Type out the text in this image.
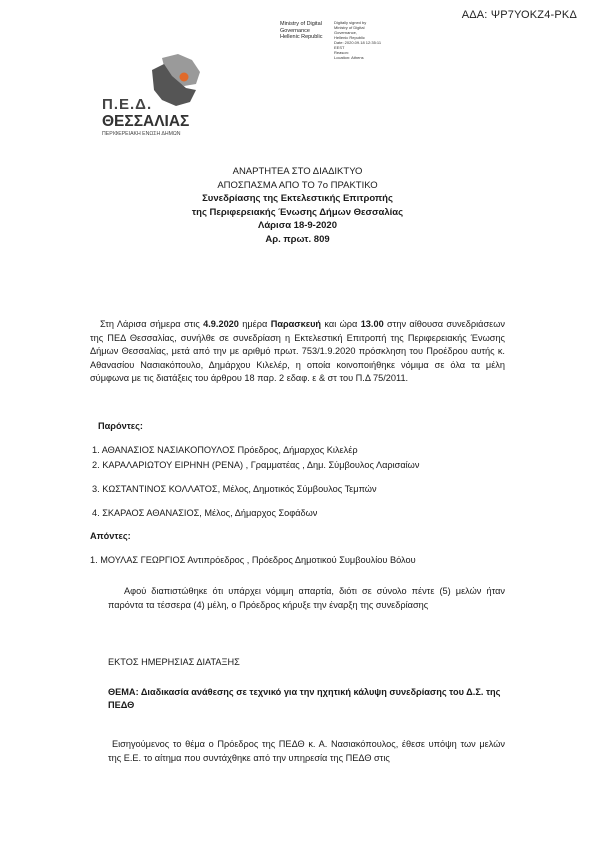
ΑΔΑ: ΨΡ7ΥΟΚΖ4-ΡΚΔ
Ministry of Digital
Governance
Hellenic Republic
Digitally signed by
Ministry of Digital
Governance,
Hellenic Republic
Date: 2020.09.18 12:35:11
EEST
Reason:
Location: Athens
Π.Ε.Δ.
ΘΕΣΣΑΛΙΑΣ
ΠΕΡΙΦΕΡΕΙΑΚΗ ΕΝΩΣΗ ΔΗΜΩΝ
ΑΝΑΡΤΗΤΕΑ ΣΤΟ ΔΙΑΔΙΚΤΥΟ
ΑΠΟΣΠΑΣΜΑ ΑΠΟ ΤΟ 7ο ΠΡΑΚΤΙΚΟ
Συνεδρίασης της Εκτελεστικής Επιτροπής
της Περιφερειακής Ένωσης Δήμων Θεσσαλίας
Λάρισα 18-9-2020
Αρ. πρωτ. 809
Στη Λάρισα σήμερα στις 4.9.2020 ημέρα Παρασκευή και ώρα 13.00 στην αίθουσα συνεδριάσεων της ΠΕΔ Θεσσαλίας, συνήλθε σε συνεδρίαση η Εκτελεστική Επιτροπή της Περιφερειακής Ένωσης Δήμων Θεσσαλίας, μετά από την με αριθμό πρωτ. 753/1.9.2020 πρόσκληση του Προέδρου αυτής κ. Αθανασίου Νασιακόπουλο, Δημάρχου Κιλελέρ, η οποία κοινοποιήθηκε νόμιμα σε όλα τα μέλη σύμφωνα με τις διατάξεις του άρθρου 18 παρ. 2 εδαφ. ε & στ του Π.Δ 75/2011.
Παρόντες:
1. ΑΘΑΝΑΣΙΟΣ ΝΑΣΙΑΚΟΠΟΥΛΟΣ Πρόεδρος, Δήμαρχος Κιλελέρ
2. ΚΑΡΑΛΑΡΙΩΤΟΥ ΕΙΡΗΝΗ (ΡΕΝΑ) , Γραμματέας , Δημ. Σύμβουλος Λαρισαίων
3. ΚΩΣΤΑΝΤΙΝΟΣ ΚΟΛΛΑΤΟΣ, Μέλος, Δημοτικός Σύμβουλος Τεμπών
4. ΣΚΑΡΑΟΣ ΑΘΑΝΑΣΙΟΣ, Μέλος, Δήμαρχος Σοφάδων
Απόντες:
1. ΜΟΥΛΑΣ ΓΕΩΡΓΙΟΣ Αντιπρόεδρος , Πρόεδρος Δημοτικού Συμβουλίου Βόλου
Αφού διαπιστώθηκε ότι υπάρχει νόμιμη απαρτία, διότι σε σύνολο πέντε (5) μελών ήταν παρόντα τα τέσσερα (4) μέλη, ο Πρόεδρος κήρυξε την έναρξη της συνεδρίασης
ΕΚΤΟΣ ΗΜΕΡΗΣΙΑΣ ΔΙΑΤΑΞΗΣ
ΘΕΜΑ: Διαδικασία ανάθεσης σε τεχνικό για την ηχητική κάλυψη συνεδρίασης του Δ.Σ. της ΠΕΔΘ
Εισηγούμενος το θέμα ο Πρόεδρος της ΠΕΔΘ κ. Α. Νασιακόπουλος, έθεσε υπόψη των μελών της Ε.Ε. το αίτημα που συντάχθηκε από την υπηρεσία της ΠΕΔΘ στις
